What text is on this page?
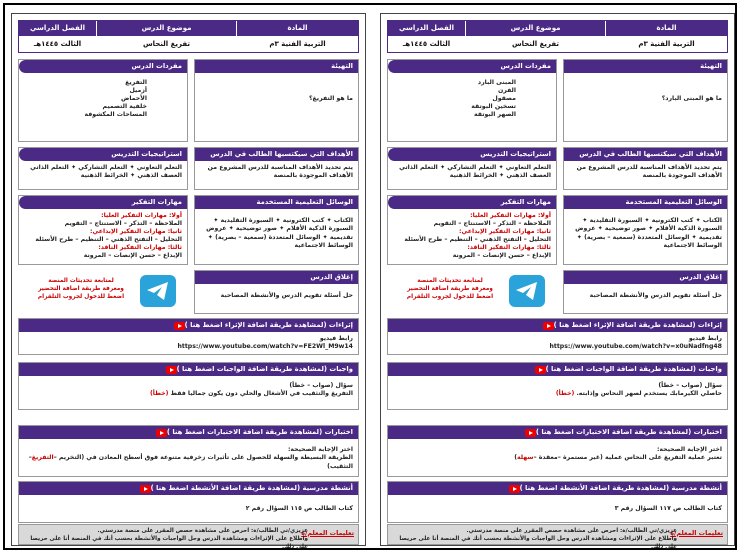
المادة
التربية الفنية ٣م
موضوع الدرس
تفريغ النحاس
الفصل الدراسي
الثالث ١٤٤٥هـ
التهيئة
ما هو التفريغ؟
مفردات الدرس
التفريغ
أزميل
الأحماض
خلفية التصميم
المساحات المكشوفة
الأهداف التي سيكتسبها الطالب في الدرس
يتم تحديد الأهداف المناسبة للدرس المشروع من الأهداف الموجودة بالمنصة
استراتيجيات التدريس
التعلم التعاوني ✦ التعلم التشاركي ✦ التعلم الذاتي
العصف الذهني ✦ الخرائط الذهنية
الوسائل التعليمية المستخدمة
الكتاب ✦ كتب الكترونية ✦ السبورة التقليدية ✦ السبورة الذكية الأقلام ✦ صور توضيحية ✦ عروض تقديمية ✦ الوسائل المتعددة (سمعية – بصرية) ✦ الوسائط الاجتماعية
مهارات التفكير
أولا: مهارات التفكير العليا:
الملاحظة – التذكر – الاستنتاج – التقويم
ثانيا: مهارات التفكير الإبداعي:
التحليل – التفتح الذهني – التنظيم – طرح الأسئلة
ثالثا: مهارات التفكير الناقد:
الإبداع – حسن الإنصات – المرونة
إغلاق الدرس
حل أسئلة تقويم الدرس والأنشطة المصاحبة
لمتابعة تحديثات المنصة
ومعرفة طريقة اضافة التحضير
اضغط للدخول لجروب التلقرام
إثراءات (لمشاهدة طريقة اضافة الإثراء اضغط هنا )
رابط فيديو
https://www.youtube.com/watch?v=FE2Wl_M9w14
واجبات (لمشاهدة طريقة اضافة الواجبات اضغط هنا )
سؤال (صواب – خطأ)
التفريغ والتثقيب في الأشغال والحلي دون يكون جماليا فقط (خطأ)
اختبارات (لمشاهدة طريقة اضافة الاختبارات اضغط هنا )
اختر الإجابة الصحيحة:
الطريقة البسيطة والسهلة للحصول على تأثيرات زخرفية متنوعة فوق أسطح المعادن في (التخريم –التفريغ–التثقيب)
أنشطة مدرسية (لمشاهدة طريقة اضافة الأنشطة اضغط هنا )
كتاب الطالب ص ١١٥ السؤال رقم ٢
تعليمات المعلم/ة
عزيزي/تي الطالب/ة: احرص على مشاهدة حصص المقرر على منصة مدرستي.
واطلاع على الإثراءات ومشاهدة الدرس وحل الواجبات والأنشطة بحسب أنك في المنصة أنا على حريصا على ذلك.
المادة
التربية الفنية ٣م
موضوع الدرس
تفريغ النحاس
الفصل الدراسي
الثالث ١٤٤٥هـ
التهيئة
ما هو المبنى البارد؟
مفردات الدرس
المبنى البارد
الفرن
مصقول
تسخين البوتقة
الصهر البوتقة
الأهداف التي سيكتسبها الطالب في الدرس
يتم تحديد الأهداف المناسبة للدرس المشروع من الأهداف الموجودة بالمنصة
استراتيجيات التدريس
التعلم التعاوني ✦ التعلم التشاركي ✦ التعلم الذاتي
العصف الذهني ✦ الخرائط الذهنية
الوسائل التعليمية المستخدمة
الكتاب ✦ كتب الكترونية ✦ السبورة التقليدية ✦ السبورة الذكية الأقلام ✦ صور توضيحية ✦ عروض تقديمية ✦ الوسائل المتعددة (سمعية – بصرية) ✦ الوسائط الاجتماعية
مهارات التفكير
أولا: مهارات التفكير العليا:
الملاحظة – التذكر – الاستنتاج – التقويم
ثانيا: مهارات التفكير الإبداعي:
التحليل – التفتح الذهني – التنظيم – طرح الأسئلة
ثالثا: مهارات التفكير الناقد:
الإبداع – حسن الإنصات – المرونة
إغلاق الدرس
حل أسئلة تقويم الدرس والأنشطة المصاحبة
لمتابعة تحديثات المنصة
ومعرفة طريقة اضافة التحضير
اضغط للدخول لجروب التلقرام
إثراءات (لمشاهدة طريقة اضافة الإثراء اضغط هنا )
رابط فيديو
https://www.youtube.com/watch?v=x0uNadfng48
واجبات (لمشاهدة طريقة اضافة الواجبات اضغط هنا )
سؤال (صواب – خطأ)
حاصلي الكيرمابك يستخدم لصهر النحاس وإذابته. (خطأ)
اختبارات (لمشاهدة طريقة اضافة الاختبارات اضغط هنا )
اختر الإجابة الصحيحة:
تعتبر عملية التفريغ على النحاس عملية (غير مستمرة –معقدة –سهلة)
أنشطة مدرسية (لمشاهدة طريقة اضافة الأنشطة اضغط هنا )
كتاب الطالب ص ١١٧ السؤال رقم ٣
تعليمات المعلم/ة
عزيزي/تي الطالب/ة: احرص على مشاهدة حصص المقرر على منصة مدرستي.
واطلاع على الإثراءات ومشاهدة الدرس وحل الواجبات والأنشطة بحسب أنك في المنصة أنا على حريصا على ذلك.
